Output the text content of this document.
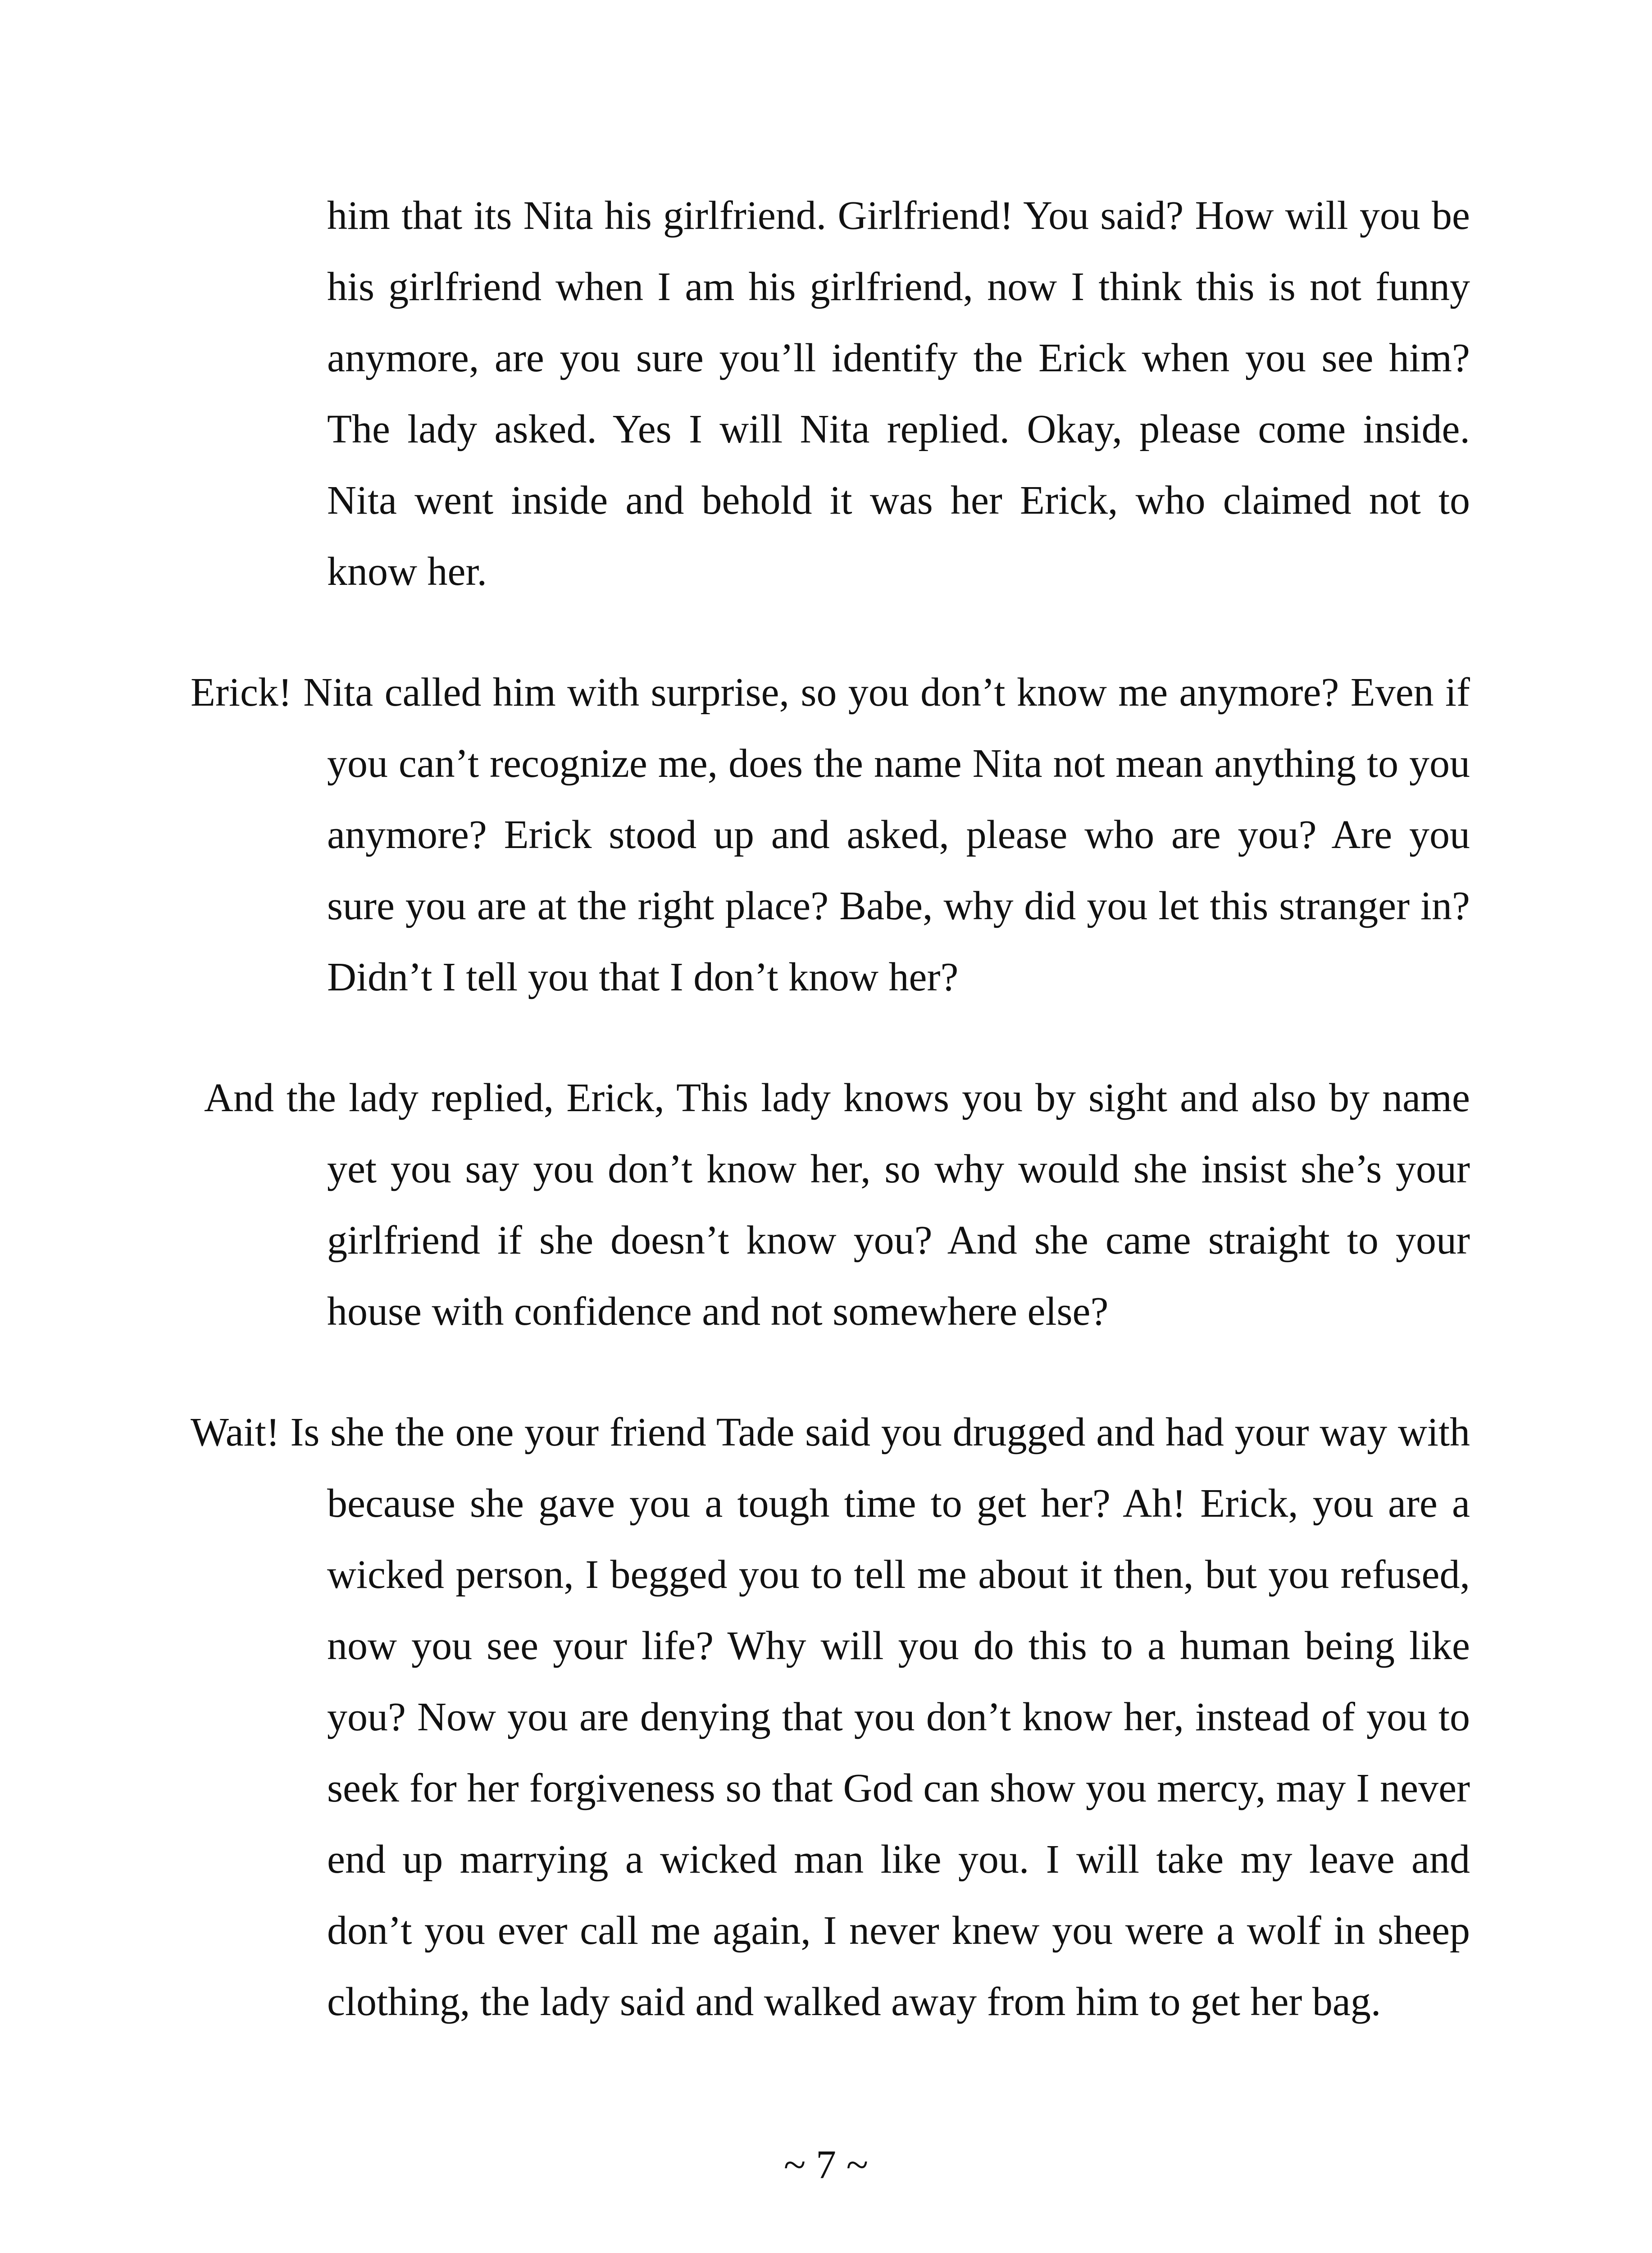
him that its Nita his girlfriend. Girlfriend! You said? How will you be his girlfriend when I am his girlfriend, now I think this is not funny anymore, are you sure you’ll identify the Erick when you see him? The lady asked. Yes I will Nita replied. Okay, please come inside. Nita went inside and behold it was her Erick, who claimed not to know her.

Erick! Nita called him with surprise, so you don’t know me anymore? Even if you can’t recognize me, does the name Nita not mean anything to you anymore? Erick stood up and asked, please who are you? Are you sure you are at the right place? Babe, why did you let this stranger in? Didn’t I tell you that I don’t know her?

And the lady replied, Erick, This lady knows you by sight and also by name yet you say you don’t know her, so why would she insist she’s your girlfriend if she doesn’t know you? And she came straight to your house with confidence and not somewhere else?

Wait! Is she the one your friend Tade said you drugged and had your way with because she gave you a tough time to get her? Ah! Erick, you are a wicked person, I begged you to tell me about it then, but you refused, now you see your life? Why will you do this to a human being like you? Now you are denying that you don’t know her, instead of you to seek for her forgiveness so that God can show you mercy, may I never end up marrying a wicked man like you. I will take my leave and don’t you ever call me again, I never knew you were a wolf in sheep clothing, the lady said and walked away from him to get her bag.

~ 7 ~
